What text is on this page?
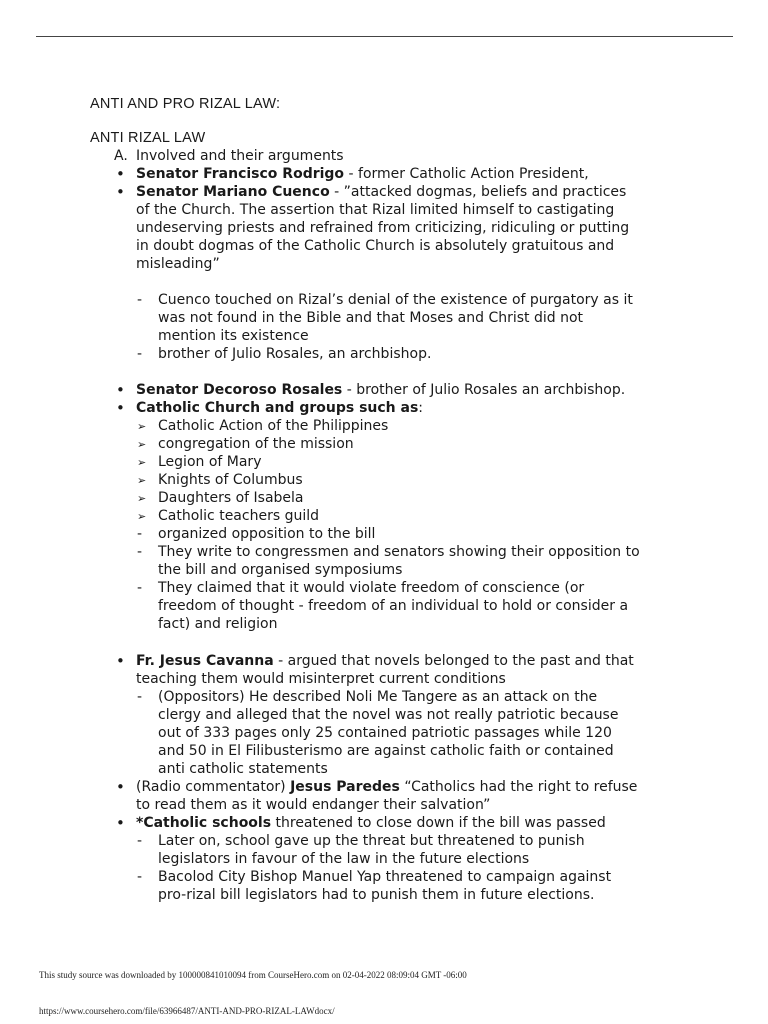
ANTI AND PRO RIZAL LAW:
ANTI RIZAL LAW
A. Involved and their arguments
• Senator Francisco Rodrigo - former Catholic Action President,
• Senator Mariano Cuenco - ”attacked dogmas, beliefs and practices
of the Church. The assertion that Rizal limited himself to castigating
undeserving priests and refrained from criticizing, ridiculing or putting
in doubt dogmas of the Catholic Church is absolutely gratuitous and
misleading”
- Cuenco touched on Rizal’s denial of the existence of purgatory as it
was not found in the Bible and that Moses and Christ did not
mention its existence
- brother of Julio Rosales, an archbishop.
• Senator Decoroso Rosales - brother of Julio Rosales an archbishop.
• Catholic Church and groups such as:
➢ Catholic Action of the Philippines
➢ congregation of the mission
➢ Legion of Mary
➢ Knights of Columbus
➢ Daughters of Isabela
➢ Catholic teachers guild
- organized opposition to the bill
- They write to congressmen and senators showing their opposition to
the bill and organised symposiums
- They claimed that it would violate freedom of conscience (or
freedom of thought - freedom of an individual to hold or consider a
fact) and religion
• Fr. Jesus Cavanna - argued that novels belonged to the past and that
teaching them would misinterpret current conditions
- (Oppositors) He described Noli Me Tangere as an attack on the
clergy and alleged that the novel was not really patriotic because
out of 333 pages only 25 contained patriotic passages while 120
and 50 in El Filibusterismo are against catholic faith or contained
anti catholic statements
• (Radio commentator) Jesus Paredes “Catholics had the right to refuse
to read them as it would endanger their salvation”
• *Catholic schools threatened to close down if the bill was passed
- Later on, school gave up the threat but threatened to punish
legislators in favour of the law in the future elections
- Bacolod City Bishop Manuel Yap threatened to campaign against
pro-rizal bill legislators had to punish them in future elections.
This study source was downloaded by 100000841010094 from CourseHero.com on 02-04-2022 08:09:04 GMT -06:00
https://www.coursehero.com/file/63966487/ANTI-AND-PRO-RIZAL-LAWdocx/
